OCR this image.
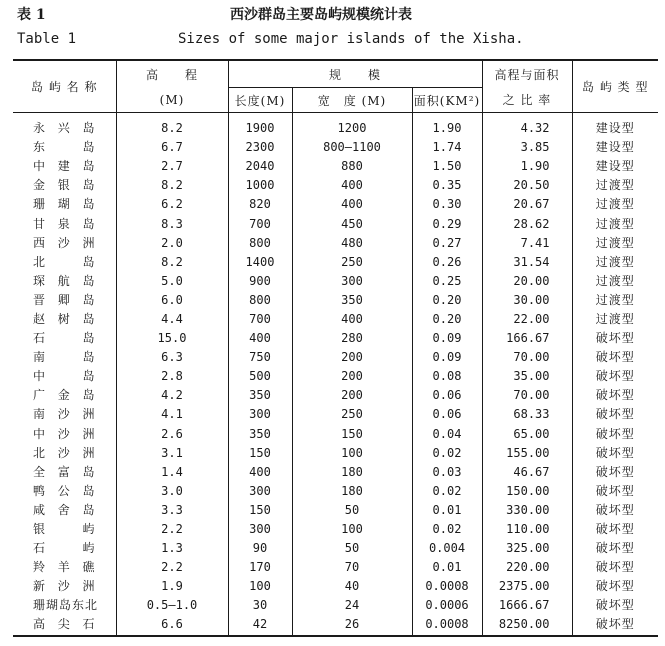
表 1	西沙群岛主要岛屿规模统计表
Table 1	Sizes of some major islands of the Xisha.
岛 屿 名 称	高　　程	规　　模			高程与面积	岛 屿 类 型
	(M)	长度(M)	宽　度 (M)	面积(KM²)	之 比 率	
永兴岛	8.2	1900	1200	1.90	4.32	建设型
东　岛	6.7	2300	800—1100	1.74	3.85	建设型
中建岛	2.7	2040	880	1.50	1.90	建设型
金银岛	8.2	1000	400	0.35	20.50	过渡型
珊瑚岛	6.2	820	400	0.30	20.67	过渡型
甘泉岛	8.3	700	450	0.29	28.62	过渡型
西沙洲	2.0	800	480	0.27	7.41	过渡型
北　岛	8.2	1400	250	0.26	31.54	过渡型
琛航岛	5.0	900	300	0.25	20.00	过渡型
晋卿岛	6.0	800	350	0.20	30.00	过渡型
赵树岛	4.4	700	400	0.20	22.00	过渡型
石　岛	15.0	400	280	0.09	166.67	破坏型
南　岛	6.3	750	200	0.09	70.00	破坏型
中　岛	2.8	500	200	0.08	35.00	破坏型
广金岛	4.2	350	200	0.06	70.00	破坏型
南沙洲	4.1	300	250	0.06	68.33	破坏型
中沙洲	2.6	350	150	0.04	65.00	破坏型
北沙洲	3.1	150	100	0.02	155.00	破坏型
全富岛	1.4	400	180	0.03	46.67	破坏型
鸭公岛	3.0	300	180	0.02	150.00	破坏型
咸舍岛	3.3	150	50	0.01	330.00	破坏型
银　屿	2.2	300	100	0.02	110.00	破坏型
石　屿	1.3	90	50	0.004	325.00	破坏型
羚羊礁	2.2	170	70	0.01	220.00	破坏型
新沙洲	1.9	100	40	0.0008	2375.00	破坏型
珊瑚岛东北	0.5—1.0	30	24	0.0006	1666.67	破坏型
高尖石	6.6	42	26	0.0008	8250.00	破坏型
